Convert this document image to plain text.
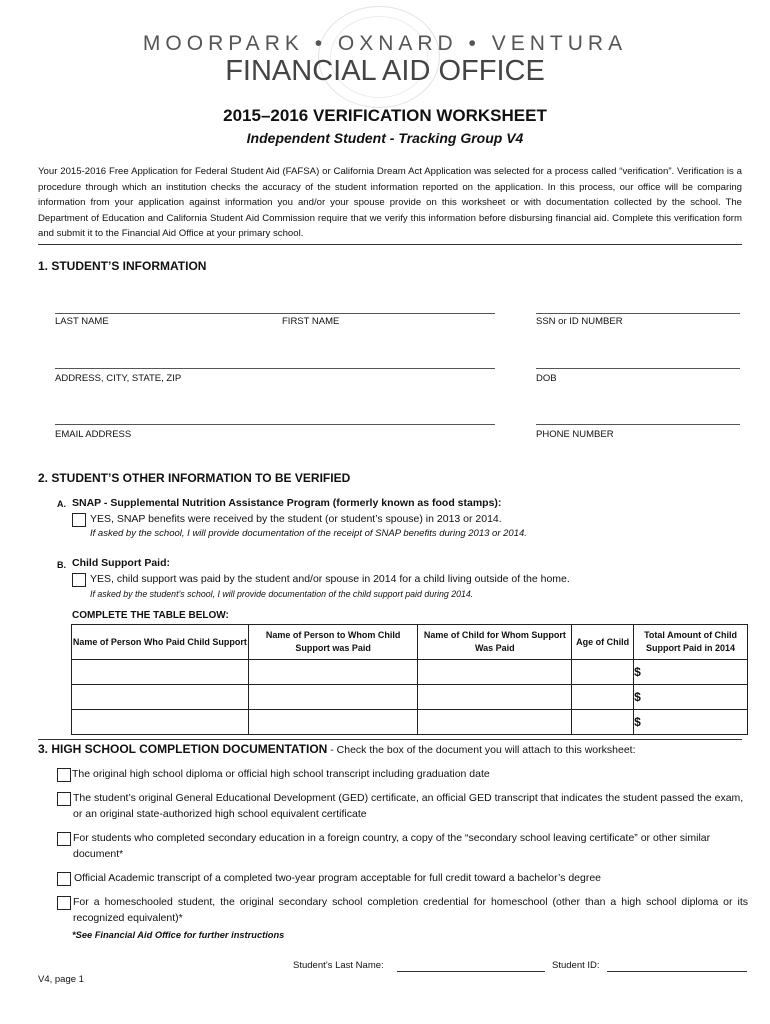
MOORPARK • OXNARD • VENTURA
FINANCIAL AID OFFICE
2015–2016 VERIFICATION WORKSHEET
Independent Student - Tracking Group V4
Your 2015-2016 Free Application for Federal Student Aid (FAFSA) or California Dream Act Application was selected for a process called “verification”. Verification is a procedure through which an institution checks the accuracy of the student information reported on the application. In this process, our office will be comparing information from your application against information you and/or your spouse provide on this worksheet or with documentation collected by the school. The Department of Education and California Student Aid Commission require that we verify this information before disbursing financial aid. Complete this verification form and submit it to the Financial Aid Office at your primary school.
1. STUDENT’S INFORMATION
LAST NAME	FIRST NAME	SSN or ID NUMBER
ADDRESS, CITY, STATE, ZIP	DOB
EMAIL ADDRESS	PHONE NUMBER
2. STUDENT’S OTHER INFORMATION TO BE VERIFIED
A. SNAP - Supplemental Nutrition Assistance Program (formerly known as food stamps):
YES, SNAP benefits were received by the student (or student’s spouse) in 2013 or 2014.
If asked by the school, I will provide documentation of the receipt of SNAP benefits during 2013 or 2014.
B. Child Support Paid:
YES, child support was paid by the student and/or spouse in 2014 for a child living outside of the home.
If asked by the student’s school, I will provide documentation of the child support paid during 2014.
COMPLETE THE TABLE BELOW:
Name of Person Who Paid Child Support	Name of Person to Whom Child Support was Paid	Name of Child for Whom Support Was Paid	Age of Child	Total Amount of Child Support Paid in 2014
				$
				$
				$
3. HIGH SCHOOL COMPLETION DOCUMENTATION - Check the box of the document you will attach to this worksheet:
The original high school diploma or official high school transcript including graduation date
The student’s original General Educational Development (GED) certificate, an official GED transcript that indicates the student passed the exam, or an original state-authorized high school equivalent certificate
For students who completed secondary education in a foreign country, a copy of the “secondary school leaving certificate” or other similar document*
Official Academic transcript of a completed two-year program acceptable for full credit toward a bachelor’s degree
For a homeschooled student, the original secondary school completion credential for homeschool (other than a high school diploma or its recognized equivalent)*
*See Financial Aid Office for further instructions
Student’s Last Name:	Student ID:
V4, page 1
